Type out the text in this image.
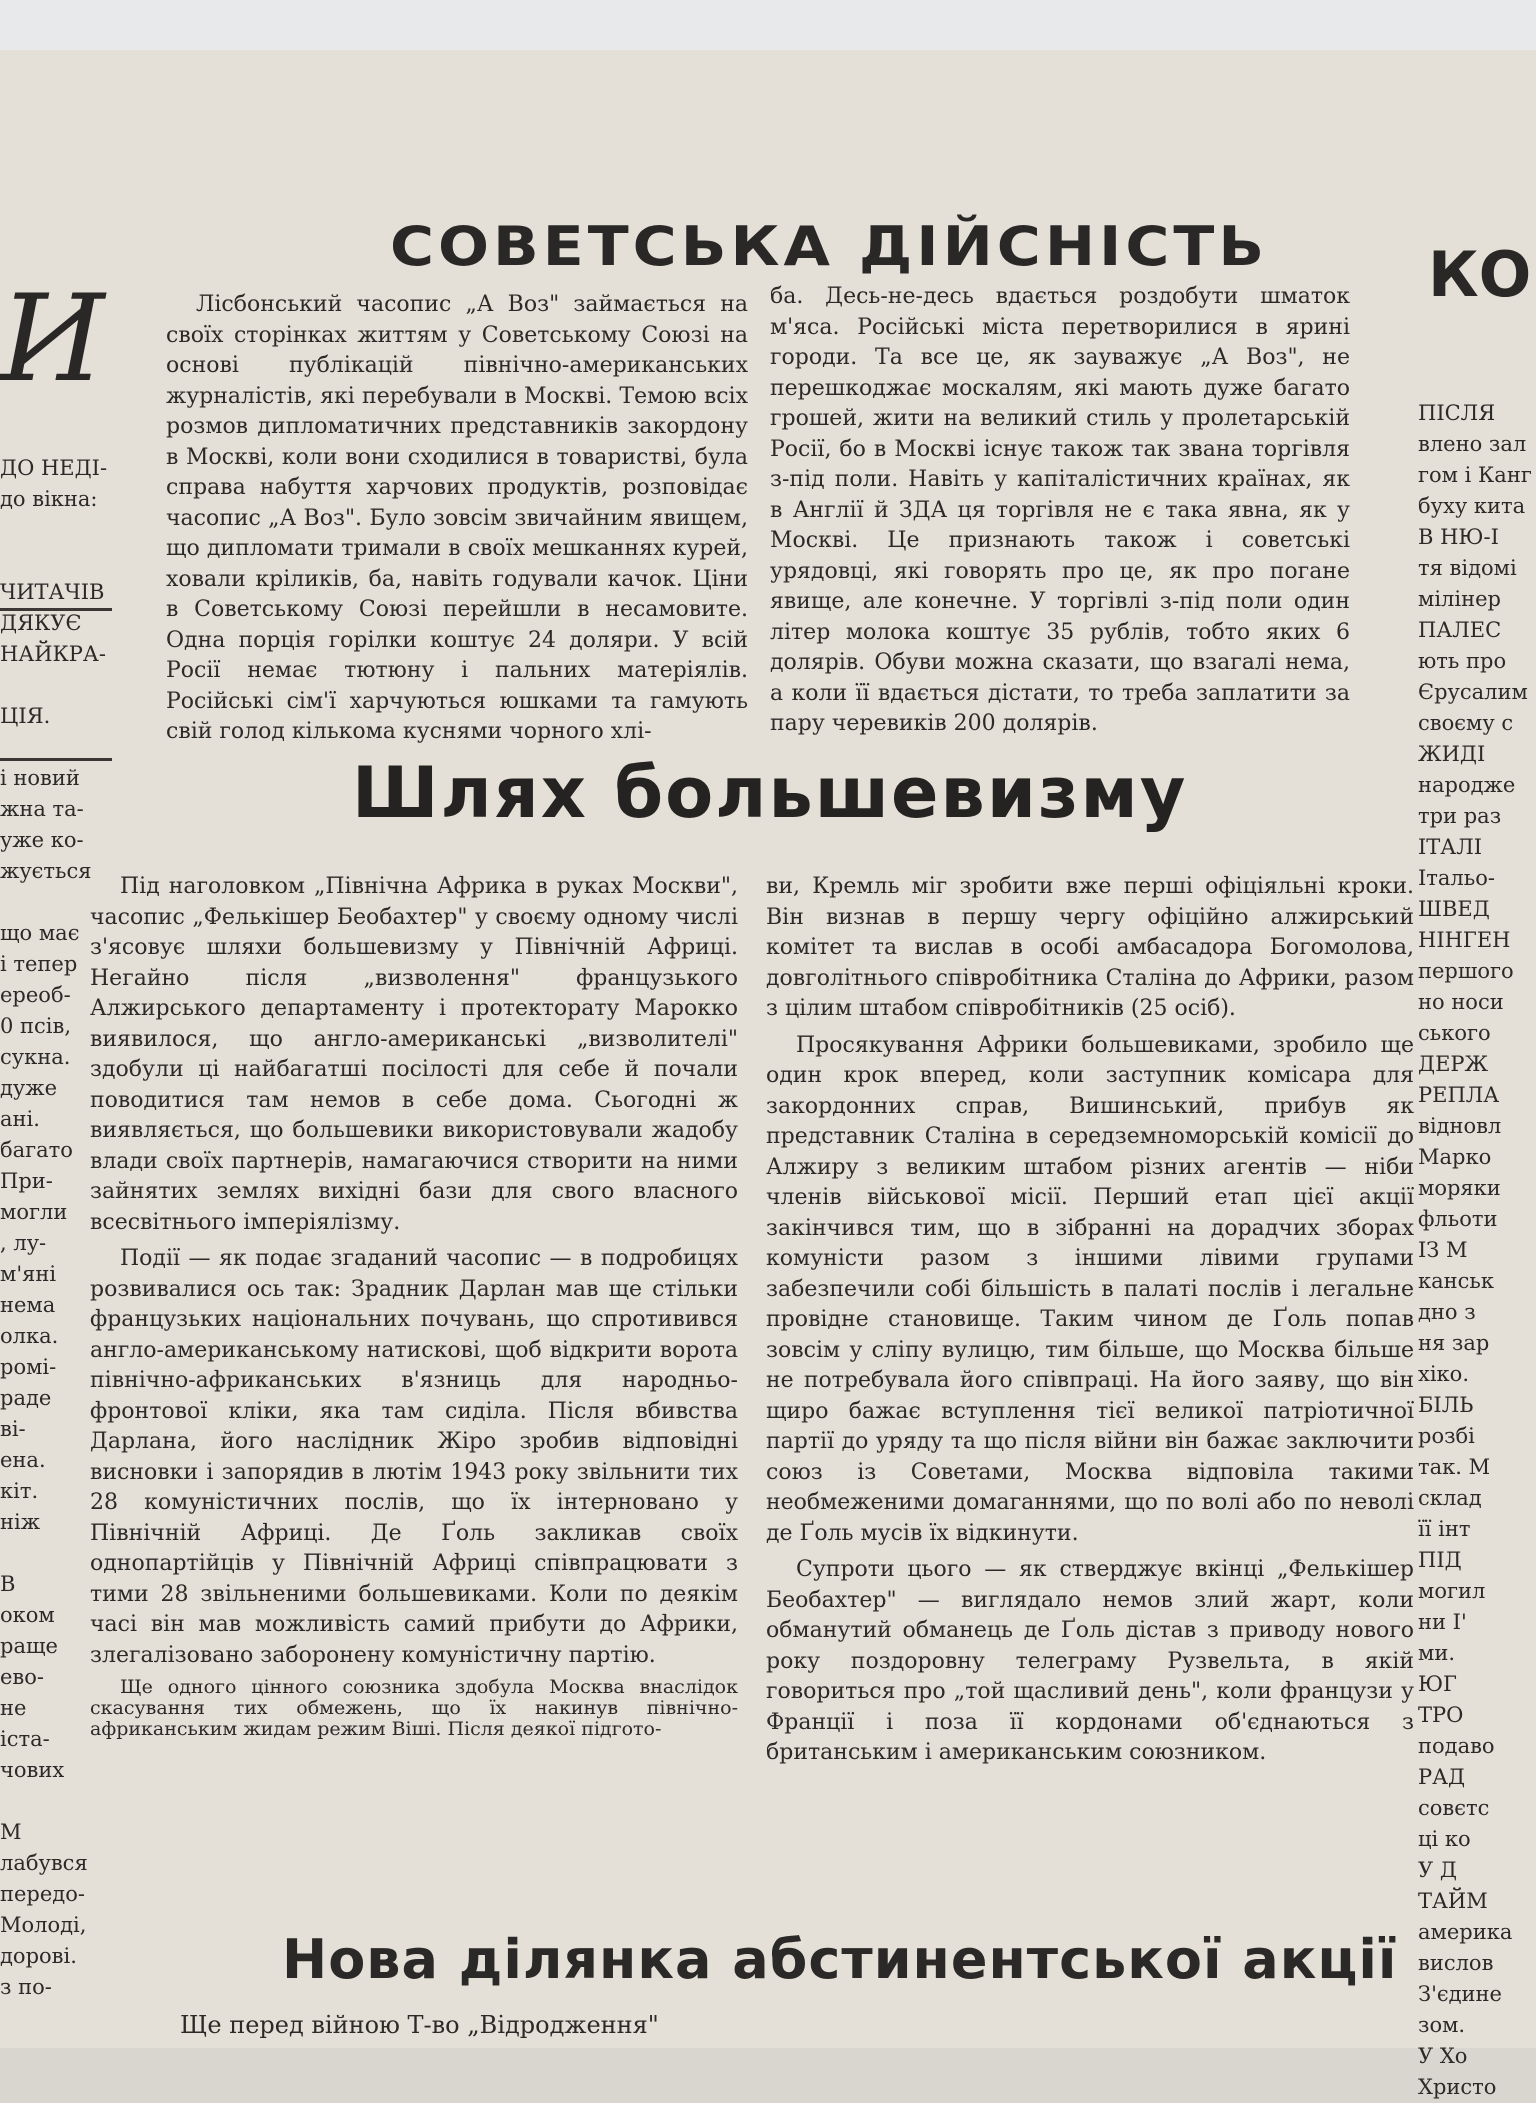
И
ДО НЕДІ-
до вікна:
ЧИТАЧІВ
ДЯКУЄ
НАЙКРА-
ЦІЯ.
і новий
жна та-
уже ко-
жується
що має
і тепер
ереоб-
0 псів,
сукна.
дуже
ані.
багато
При-
могли
, лу-
м'яні
нема
олка.
ромі-
раде
ві-
ена.
кіт.
ніж
В
оком
раще
ево-
не
іста-
чових
М
лабувся
передо-
Молоді,
доровi.
з по-
СОВЕТСЬКА ДІЙСНІСТЬ

Лісбонський часопис „А Воз" займається на своїх сторінках життям у Советському Союзі на основі публікацій північно-американських журналістів, які перебували в Москві. Темою всіх розмов дипломатичних представників закордону в Москві, коли вони сходилися в товаристві, була справа набуття харчових продуктів, розповідає часопис „А Воз". Було зовсім звичайним явищем, що дипломати тримали в своїх мешканнях курей, ховали кріликів, ба, навіть годували качок. Ціни в Советському Союзі перейшли в несамовите. Одна порція горілки коштує 24 доляри. У всій Росії немає тютюну і пальних матеріялів. Російські сім'ї харчуються юшками та гамують свій голод кількома куснями чорного хлі-

ба. Десь-не-десь вдається роздобути шматок м'яса. Російські міста перетворилися в ярині городи. Та все це, як зауважує „А Воз", не перешкоджає москалям, які мають дуже багато грошей, жити на великий стиль у пролетарській Росії, бо в Москві існує також так звана торгівля з-під поли. Навіть у капіталістичних країнах, як в Англії й ЗДА ця торгівля не є така явна, як у Москві. Це признають також і советські урядовці, які говорять про це, як про погане явище, але конечне. У торгівлі з-під поли один літер молока коштує 35 рублів, тобто яких 6 долярів. Обуви можна сказати, що взагалі нема, а коли її вдається дістати, то треба заплатити за пару черевиків 200 долярів.

Шлях большевизму

Під наголовком „Північна Африка в руках Москви", часопис „Фелькішер Беобахтер" у своєму одному числі з'ясовує шляхи большевизму у Північній Африці. Негайно після „визволення" французького Алжирського департаменту і протекторату Марокко виявилося, що англо-американські „визволителі" здобули ці найбагатші посілості для себе й почали поводитися там немов в себе дома. Сьогодні ж виявляється, що большевики використовували жадобу влади своїх партнерів, намагаючися створити на ними зайнятих землях вихідні бази для свого власного всесвітнього імперіялізму.

Події — як подає згаданий часопис — в подробицях розвивалися ось так: Зрадник Дарлан мав ще стільки французьких національних почувань, що спротивився англо-американському натискові, щоб відкрити ворота північно-африканських в'язниць для народньо-фронтової кліки, яка там сиділа. Після вбивства Дарлана, його наслідник Жіро зробив відповідні висновки і запорядив в лютім 1943 року звільнити тих 28 комуністичних послів, що їх інтерновано у Північній Африці. Де Ґоль закликав своїх однопартійців у Північній Африці співпрацювати з тими 28 звільненими большевиками. Коли по деякім часі він мав можливість самий прибути до Африки, злегалізовано заборонену комуністичну партію.

Ще одного цінного союзника здобула Москва внаслідок скасування тих обмежень, що їх накинув північно-африканським жидам режим Віші. Після деякої підгото-

ви, Кремль міг зробити вже перші офіціяльні кроки. Він визнав в першу чергу офіційно алжирський комітет та вислав в особі амбасадора Богомолова, довголітнього співробітника Сталіна до Африки, разом з цілим штабом співробітників (25 осіб).

Просякування Африки большевиками, зробило ще один крок вперед, коли заступник комісара для закордонних справ, Вишинський, прибув як представник Сталіна в середземноморській комісії до Алжиру з великим штабом різних агентів — ніби членів військової місії. Перший етап цієї акції закінчився тим, що в зібранні на дорадчих зборах комуністи разом з іншими лівими групами забезпечили собі більшість в палаті послів і легальне провідне становище. Таким чином де Ґоль попав зовсім у сліпу вулицю, тим більше, що Москва більше не потребувала його співпраці. На його заяву, що він щиро бажає вступлення тієї великої патріотичної партії до уряду та що після війни він бажає заключити союз із Советами, Москва відповіла такими необмеженими домаганнями, що по волі або по неволі де Ґоль мусів їх відкинути.

Супроти цього — як стверджує вкінці „Фелькішер Беобахтер" — виглядало немов злий жарт, коли обманутий обманець де Ґоль дістав з приводу нового року поздоровну телеграму Рузвельта, в якій говориться про „той щасливий день", коли французи у Франції і поза її кордонами об'єднаються з британським і американським союзником.

Нова ділянка абстинентської акції

Ще перед війною Т-во „Відродження"

КО
ПІСЛЯ
влено зал
гом і Канг
буху кита
В НЮ-І
тя відомі
мілінер
ПАЛЕС
ють про
Єрусалим
своєму с
ЖИДІ
народже
три раз
ІТАЛІ
Італьо-
ШВЕД
НІНГЕН
першого
но носи
ського
ДЕРЖ
РЕПЛА
відновл
Марко
моряки
фльоти
ІЗ М
канськ
дно з
ня зар
хіко.
БІЛЬ
розбі
так. М
склад
її інт
ПІД
могил
ни І'
ми.
ЮГ
ТРО
подаво
РАД
совєтс
ці ко
У Д
ТАЙМ
америка
вислов
З'єдине
зом.
У Хо
Христо
